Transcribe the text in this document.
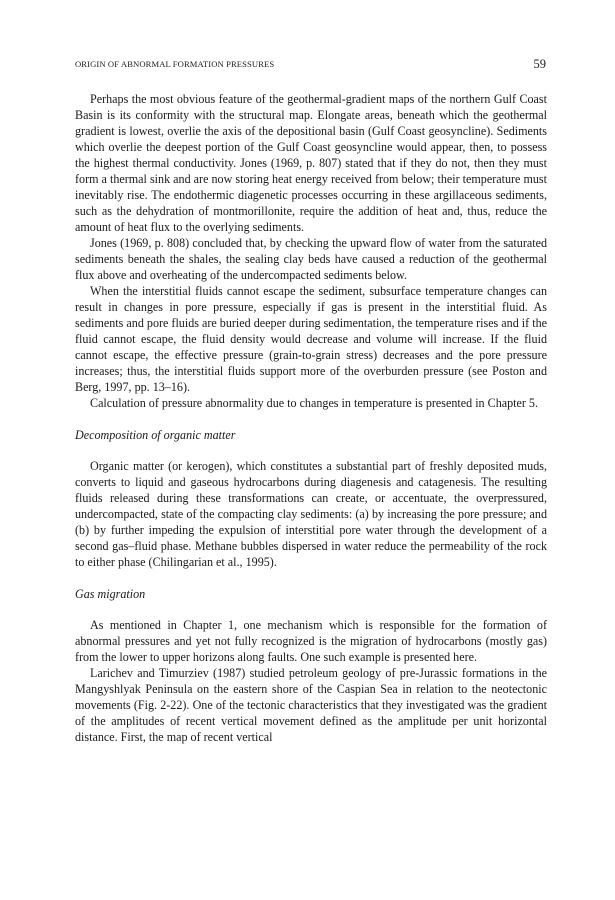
ORIGIN OF ABNORMAL FORMATION PRESSURES	59

Perhaps the most obvious feature of the geothermal-gradient maps of the northern Gulf Coast Basin is its conformity with the structural map. Elongate areas, beneath which the geothermal gradient is lowest, overlie the axis of the depositional basin (Gulf Coast geosyncline). Sediments which overlie the deepest portion of the Gulf Coast geosyncline would appear, then, to possess the highest thermal conductivity. Jones (1969, p. 807) stated that if they do not, then they must form a thermal sink and are now storing heat energy received from below; their temperature must inevitably rise. The endothermic diagenetic processes occurring in these argillaceous sediments, such as the dehydration of montmorillonite, require the addition of heat and, thus, reduce the amount of heat flux to the overlying sediments.

Jones (1969, p. 808) concluded that, by checking the upward flow of water from the saturated sediments beneath the shales, the sealing clay beds have caused a reduction of the geothermal flux above and overheating of the undercompacted sediments below.

When the interstitial fluids cannot escape the sediment, subsurface temperature changes can result in changes in pore pressure, especially if gas is present in the interstitial fluid. As sediments and pore fluids are buried deeper during sedimentation, the temperature rises and if the fluid cannot escape, the fluid density would decrease and volume will increase. If the fluid cannot escape, the effective pressure (grain-to-grain stress) decreases and the pore pressure increases; thus, the interstitial fluids support more of the overburden pressure (see Poston and Berg, 1997, pp. 13–16).

Calculation of pressure abnormality due to changes in temperature is presented in Chapter 5.

Decomposition of organic matter

Organic matter (or kerogen), which constitutes a substantial part of freshly deposited muds, converts to liquid and gaseous hydrocarbons during diagenesis and catagenesis. The resulting fluids released during these transformations can create, or accentuate, the overpressured, undercompacted, state of the compacting clay sediments: (a) by increasing the pore pressure; and (b) by further impeding the expulsion of interstitial pore water through the development of a second gas–fluid phase. Methane bubbles dispersed in water reduce the permeability of the rock to either phase (Chilingarian et al., 1995).

Gas migration

As mentioned in Chapter 1, one mechanism which is responsible for the formation of abnormal pressures and yet not fully recognized is the migration of hydrocarbons (mostly gas) from the lower to upper horizons along faults. One such example is presented here.

Larichev and Timurziev (1987) studied petroleum geology of pre-Jurassic formations in the Mangyshlyak Peninsula on the eastern shore of the Caspian Sea in relation to the neotectonic movements (Fig. 2-22). One of the tectonic characteristics that they investigated was the gradient of the amplitudes of recent vertical movement defined as the amplitude per unit horizontal distance. First, the map of recent vertical
